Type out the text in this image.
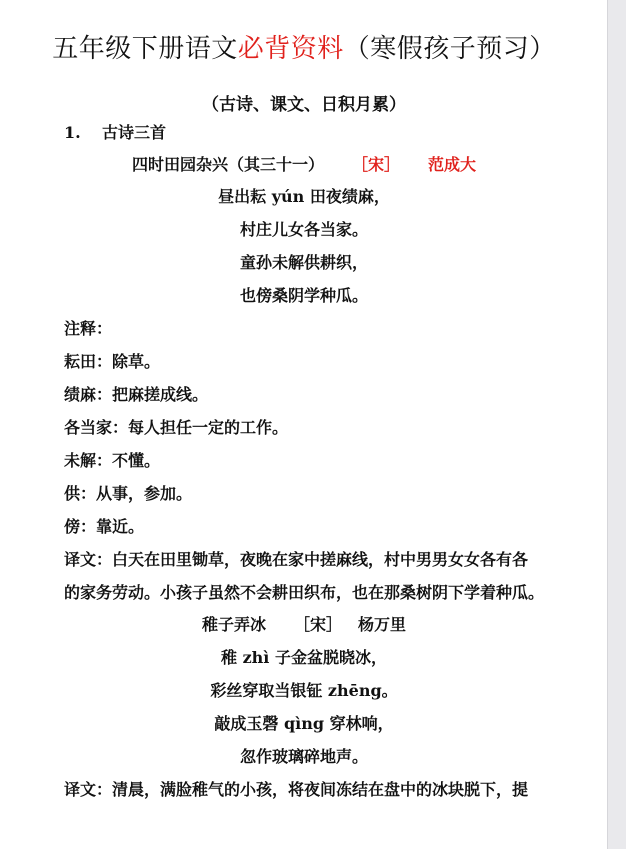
五年级下册语文必背资料（寒假孩子预习）
（古诗、课文、日积月累）
1. 古诗三首
四时田园杂兴（其三十一） ［宋］ 范成大
昼出耘 yún 田夜绩麻，
村庄儿女各当家。
童孙未解供耕织，
也傍桑阴学种瓜。
注释：
耘田：除草。
绩麻：把麻搓成线。
各当家：每人担任一定的工作。
未解：不懂。
供：从事，参加。
傍：靠近。
译文：白天在田里锄草，夜晚在家中搓麻线，村中男男女女各有各
的家务劳动。小孩子虽然不会耕田织布，也在那桑树阴下学着种瓜。
稚子弄冰 ［宋］ 杨万里
稚 zhì 子金盆脱晓冰，
彩丝穿取当银钲 zhēng。
敲成玉磬 qìng 穿林响，
忽作玻璃碎地声。
译文：清晨，满脸稚气的小孩，将夜间冻结在盘中的冰块脱下，提
